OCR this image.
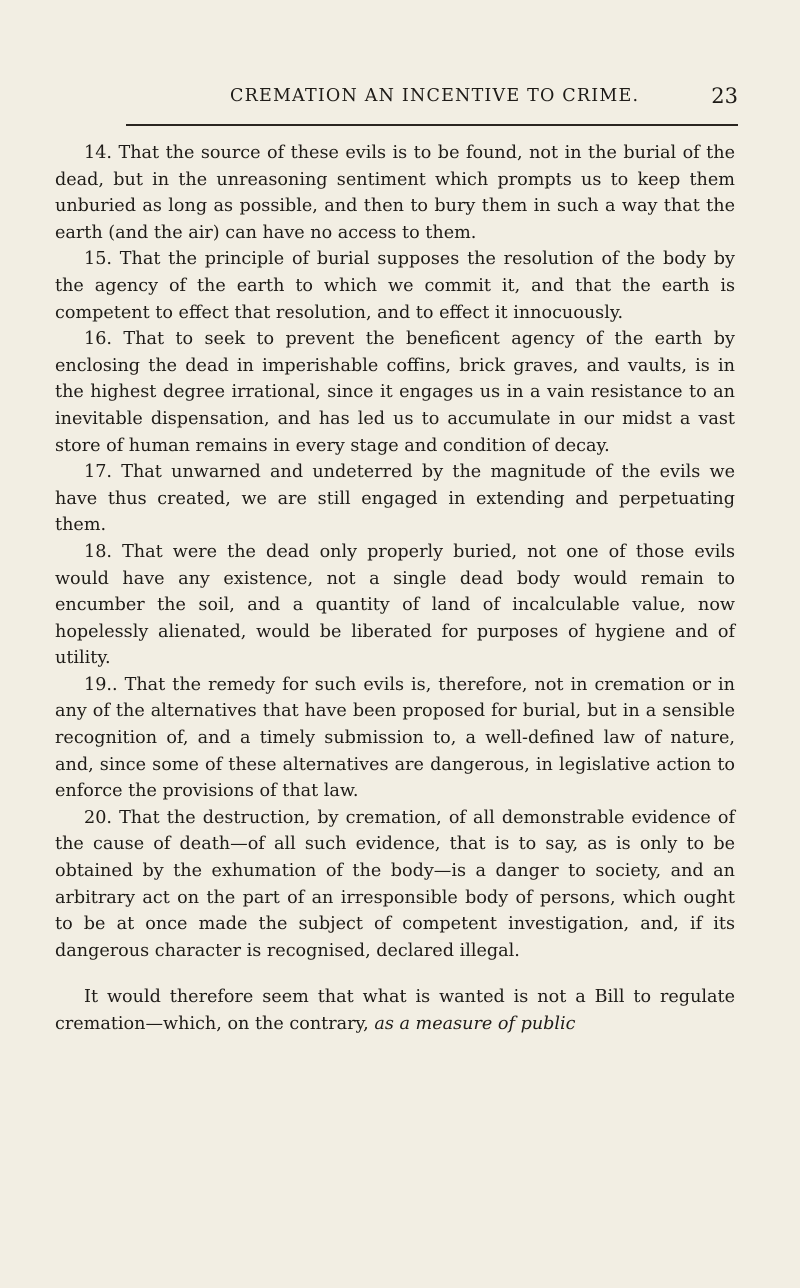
CREMATION AN INCENTIVE TO CRIME.	23

14. That the source of these evils is to be found, not in the burial of the dead, but in the unreasoning sentiment which prompts us to keep them unburied as long as possible, and then to bury them in such a way that the earth (and the air) can have no access to them.

15. That the principle of burial supposes the resolution of the body by the agency of the earth to which we commit it, and that the earth is competent to effect that resolution, and to effect it innocuously.

16. That to seek to prevent the beneficent agency of the earth by enclosing the dead in imperishable coffins, brick graves, and vaults, is in the highest degree irrational, since it engages us in a vain resistance to an inevitable dispensation, and has led us to accumulate in our midst a vast store of human remains in every stage and condition of decay.

17. That unwarned and undeterred by the magnitude of the evils we have thus created, we are still engaged in extending and perpetuating them.

18. That were the dead only properly buried, not one of those evils would have any existence, not a single dead body would remain to encumber the soil, and a quantity of land of incalculable value, now hopelessly alienated, would be liberated for purposes of hygiene and of utility.

19.. That the remedy for such evils is, therefore, not in cremation or in any of the alternatives that have been proposed for burial, but in a sensible recognition of, and a timely submission to, a well-defined law of nature, and, since some of these alternatives are dangerous, in legislative action to enforce the provisions of that law.

20. That the destruction, by cremation, of all demonstrable evidence of the cause of death—of all such evidence, that is to say, as is only to be obtained by the exhumation of the body—is a danger to society, and an arbitrary act on the part of an irresponsible body of persons, which ought to be at once made the subject of competent investigation, and, if its dangerous character is recognised, declared illegal.

It would therefore seem that what is wanted is not a Bill to regulate cremation—which, on the contrary, as a measure of public
